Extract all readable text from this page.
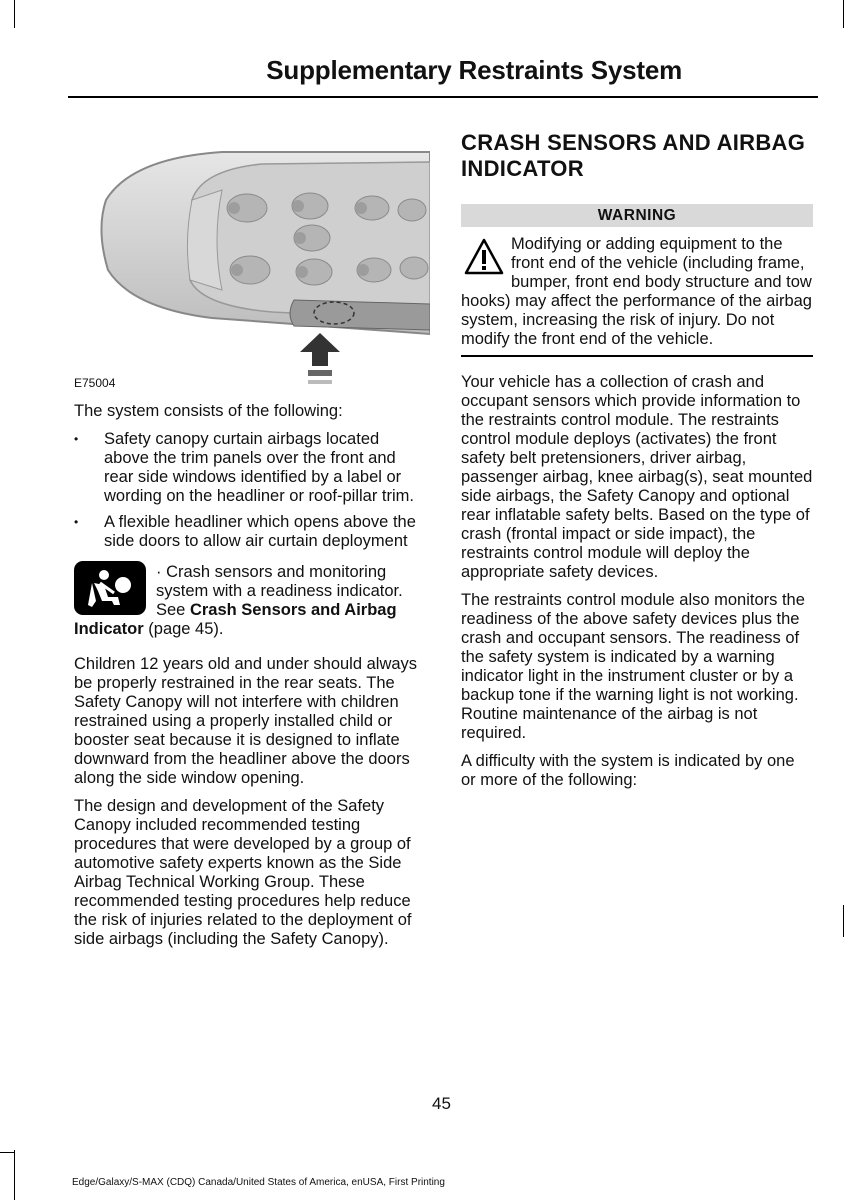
Supplementary Restraints System
E75004

The system consists of the following:

• Safety canopy curtain airbags located above the trim panels over the front and rear side windows identified by a label or wording on the headliner or roof-pillar trim.
• A flexible headliner which opens above the side doors to allow air curtain deployment

· Crash sensors and monitoring system with a readiness indicator. See Crash Sensors and Airbag Indicator (page 45).

Children 12 years old and under should always be properly restrained in the rear seats. The Safety Canopy will not interfere with children restrained using a properly installed child or booster seat because it is designed to inflate downward from the headliner above the doors along the side window opening.

The design and development of the Safety Canopy included recommended testing procedures that were developed by a group of automotive safety experts known as the Side Airbag Technical Working Group. These recommended testing procedures help reduce the risk of injuries related to the deployment of side airbags (including the Safety Canopy).

CRASH SENSORS AND AIRBAG INDICATOR
WARNING
Modifying or adding equipment to the front end of the vehicle (including frame, bumper, front end body structure and tow hooks) may affect the performance of the airbag system, increasing the risk of injury. Do not modify the front end of the vehicle.

Your vehicle has a collection of crash and occupant sensors which provide information to the restraints control module. The restraints control module deploys (activates) the front safety belt pretensioners, driver airbag, passenger airbag, knee airbag(s), seat mounted side airbags, the Safety Canopy and optional rear inflatable safety belts. Based on the type of crash (frontal impact or side impact), the restraints control module will deploy the appropriate safety devices.

The restraints control module also monitors the readiness of the above safety devices plus the crash and occupant sensors. The readiness of the safety system is indicated by a warning indicator light in the instrument cluster or by a backup tone if the warning light is not working. Routine maintenance of the airbag is not required.

A difficulty with the system is indicated by one or more of the following:

45
Edge/Galaxy/S-MAX (CDQ) Canada/United States of America, enUSA, First Printing
